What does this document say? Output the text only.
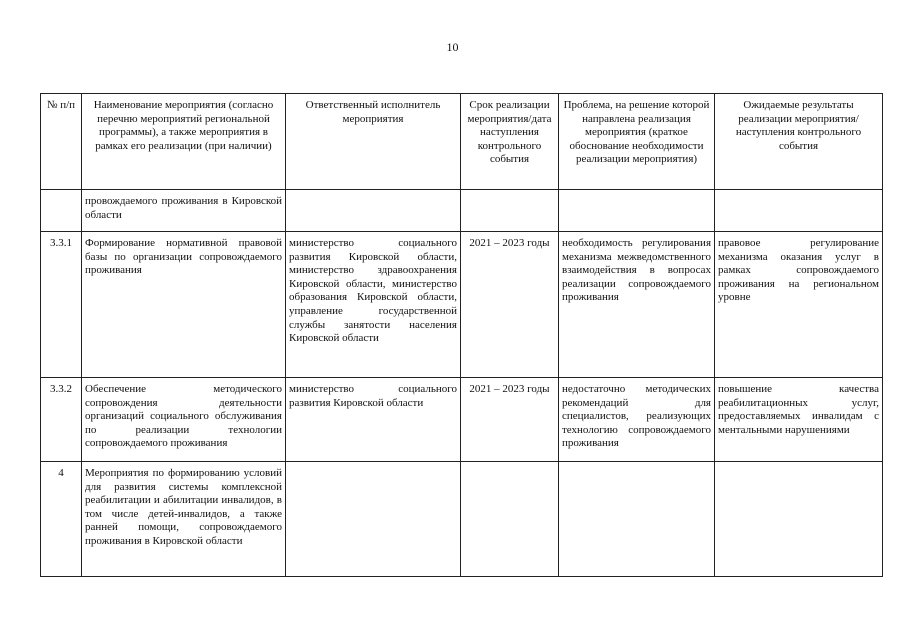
10
№ п/п	Наименование мероприятия (согласно перечню мероприятий региональной программы), а также мероприятия в рамках его реализации (при наличии)	Ответственный исполнитель мероприятия	Срок реализации мероприятия/дата наступления контрольного события	Проблема, на решение которой направлена реализация мероприятия (краткое обоснование необходимости реализации мероприятия)	Ожидаемые результаты реализации мероприятия/наступления контрольного события
	провождаемого проживания в Кировской области				
3.3.1	Формирование нормативной правовой базы по организации сопровождаемого проживания	министерство социального развития Кировской области, министерство здравоохранения Кировской области, министерство образования Кировской области, управление государственной службы занятости населения Кировской области	2021 – 2023 годы	необходимость регулирования механизма межведомственного взаимодействия в вопросах реализации сопровождаемого проживания	правовое регулирование механизма оказания услуг в рамках сопровождаемого проживания на региональном уровне
3.3.2	Обеспечение методического сопровождения деятельности организаций социального обслуживания по реализации технологии сопровождаемого проживания	министерство социального развития Кировской области	2021 – 2023 годы	недостаточно методических рекомендаций для специалистов, реализующих технологию сопровождаемого проживания	повышение качества реабилитационных услуг, предоставляемых инвалидам с ментальными нарушениями
4	Мероприятия по формированию условий для развития системы комплексной реабилитации и абилитации инвалидов, в том числе детей-инвалидов, а также ранней помощи, сопровождаемого проживания в Кировской области				
